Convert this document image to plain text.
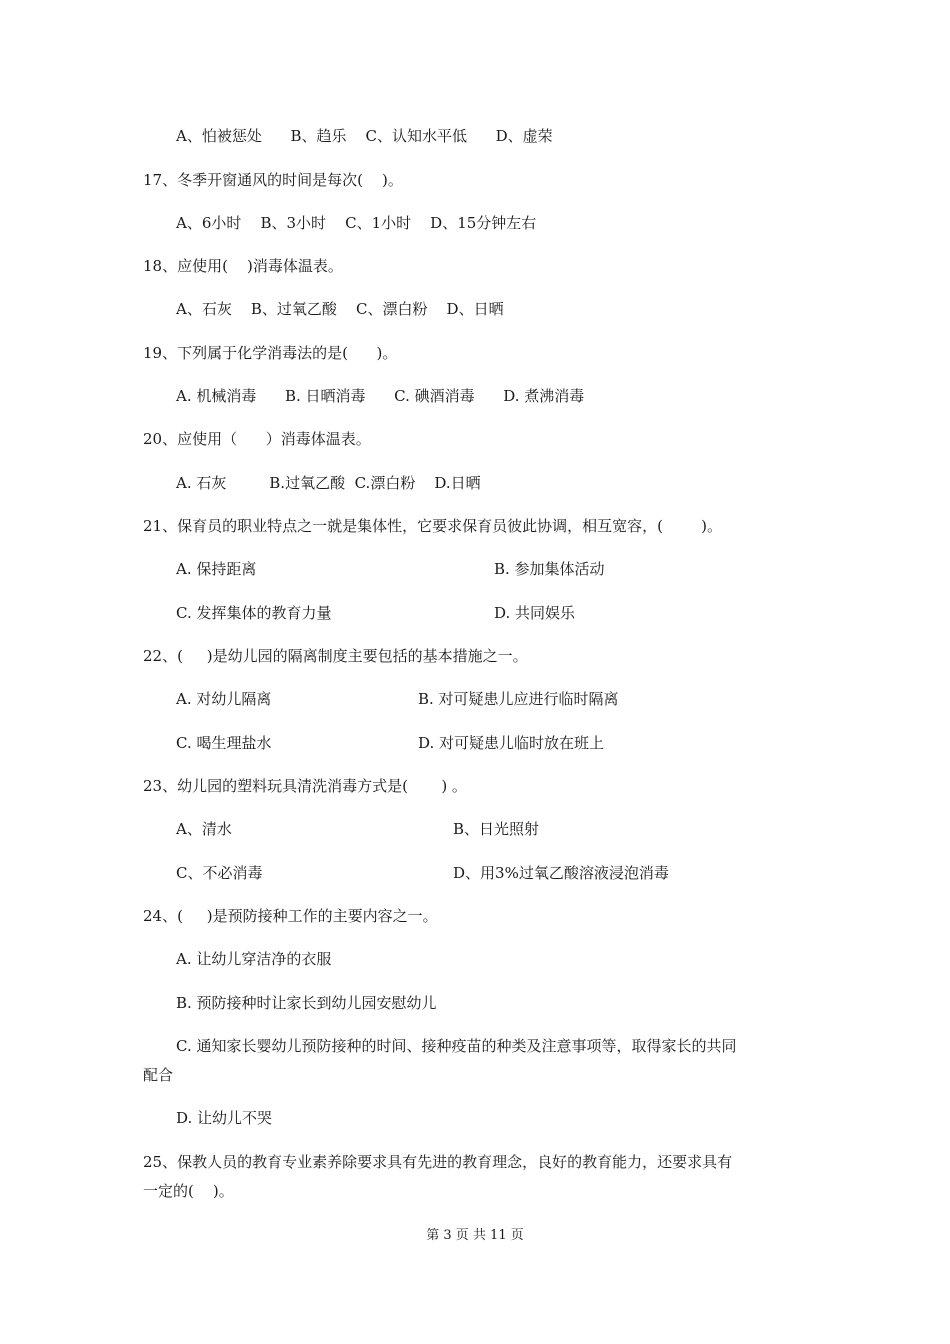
A、怕被惩处      B、趋乐    C、认知水平低      D、虚荣
17、冬季开窗通风的时间是每次(    )。
A、6小时    B、3小时    C、1小时    D、15分钟左右
18、应使用(    )消毒体温表。
A、石灰    B、过氧乙酸    C、漂白粉    D、日晒
19、下列属于化学消毒法的是(      )。
A. 机械消毒      B. 日晒消毒      C. 碘酒消毒      D. 煮沸消毒
20、应使用（      ）消毒体温表。
A. 石灰         B.过氧乙酸  C.漂白粉    D.日晒
21、保育员的职业特点之一就是集体性，它要求保育员彼此协调，相互宽容，(        )。
A. 保持距离	B. 参加集体活动
C. 发挥集体的教育力量	D. 共同娱乐
22、(     )是幼儿园的隔离制度主要包括的基本措施之一。
A. 对幼儿隔离	B. 对可疑患儿应进行临时隔离
C. 喝生理盐水	D. 对可疑患儿临时放在班上
23、幼儿园的塑料玩具清洗消毒方式是(       ) 。
A、清水	B、日光照射
C、不必消毒	D、用3%过氧乙酸溶液浸泡消毒
24、(     )是预防接种工作的主要内容之一。
A. 让幼儿穿洁净的衣服
B. 预防接种时让家长到幼儿园安慰幼儿
C. 通知家长婴幼儿预防接种的时间、接种疫苗的种类及注意事项等，取得家长的共同
配合
D. 让幼儿不哭
25、保教人员的教育专业素养除要求具有先进的教育理念，良好的教育能力，还要求具有
一定的(    )。
第 3 页 共 11 页
